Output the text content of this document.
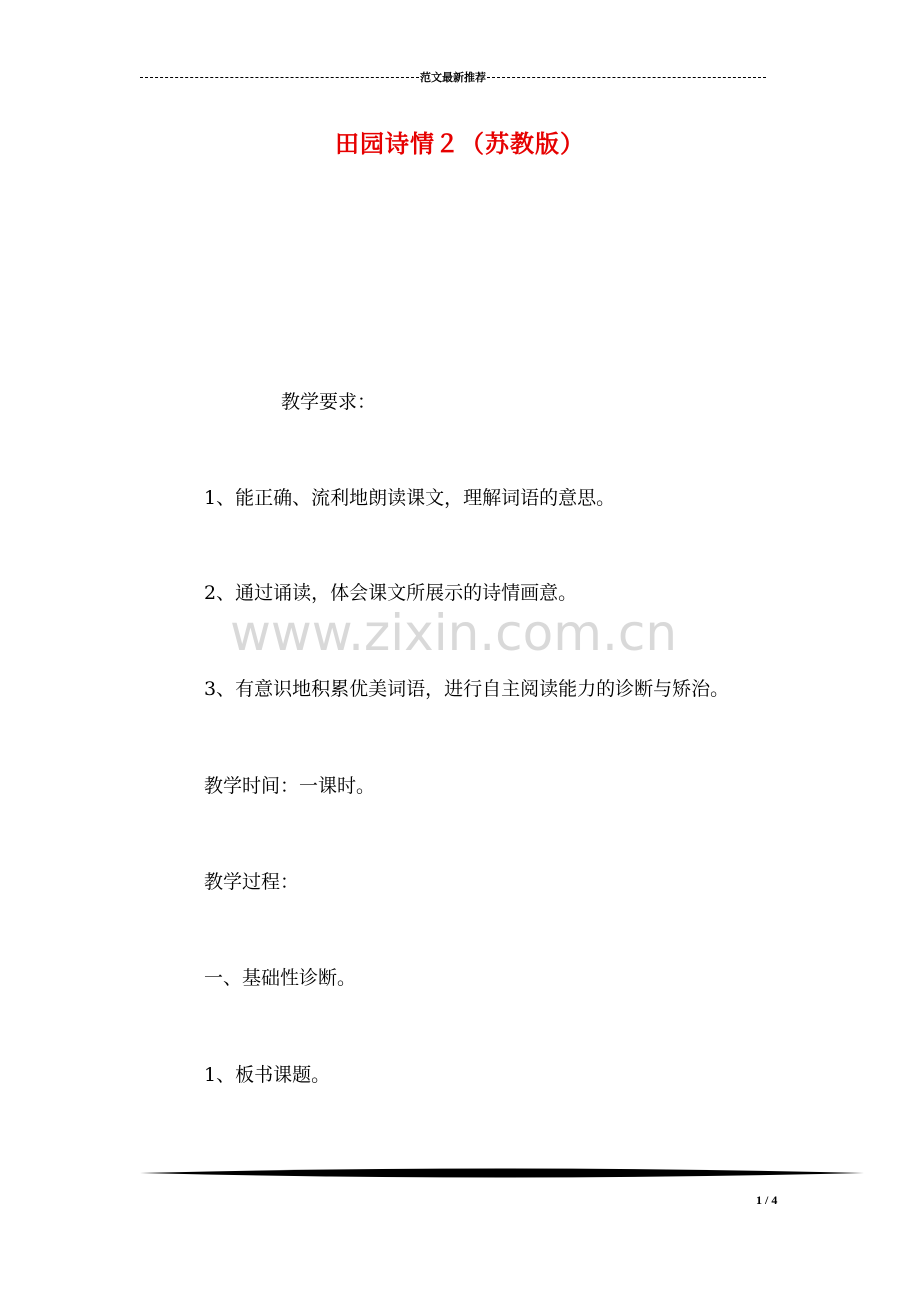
范文最新推荐
田园诗情２（苏教版）
教学要求：
1、能正确、流利地朗读课文，理解词语的意思。
2、通过诵读，体会课文所展示的诗情画意。
3、有意识地积累优美词语，进行自主阅读能力的诊断与矫治。
教学时间：一课时。
教学过程：
一、基础性诊断。
1、板书课题。
www.zixin.com.cn
1 / 4
